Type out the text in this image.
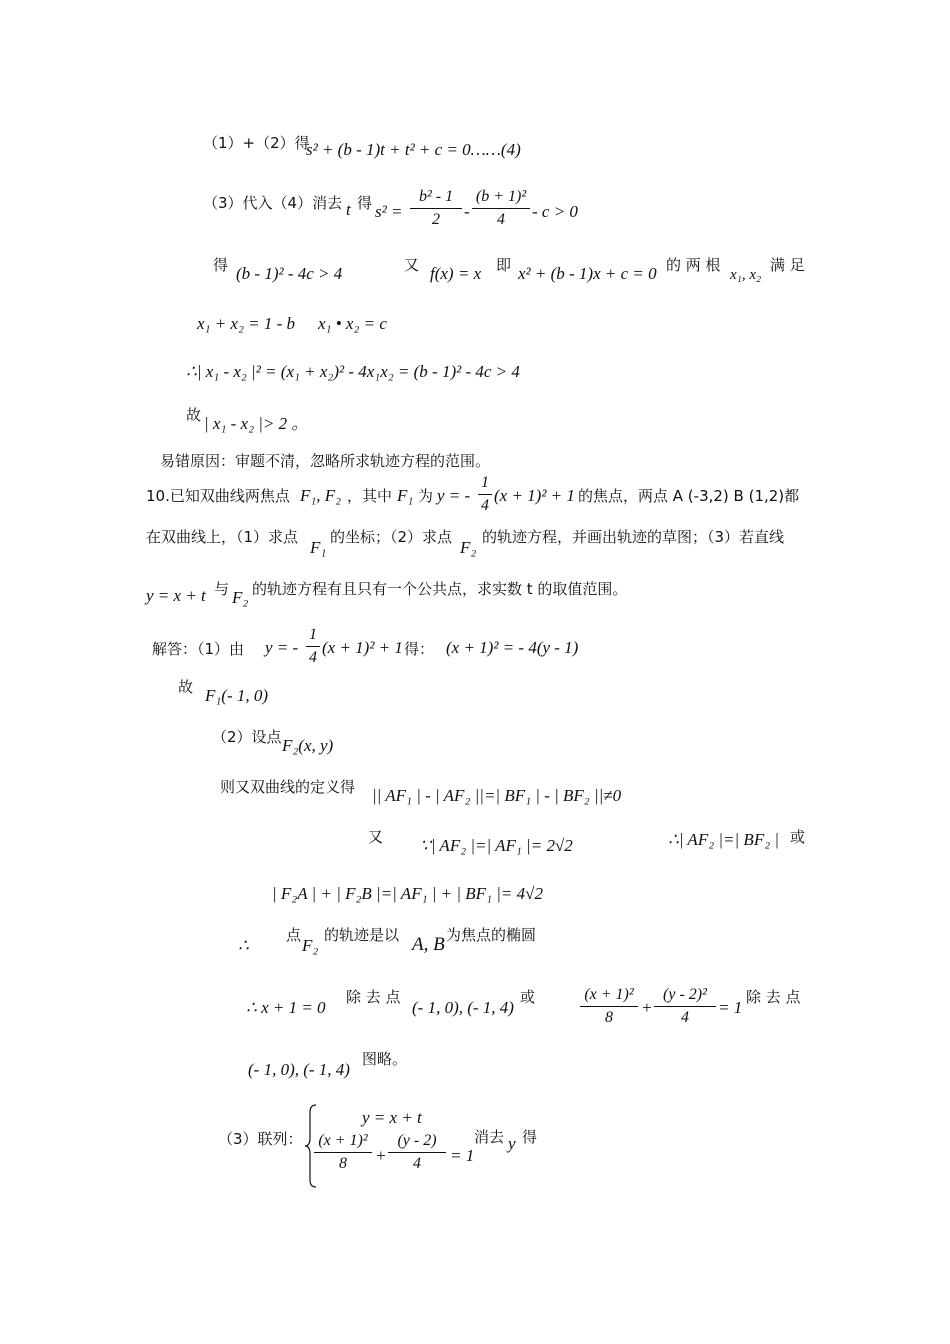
（1）+（2）得
s² + (b - 1)t + t² + c = 0……(4)
（3）代入（4）消去 t 得 s² =
b² - 1
2	-
(b + 1)²
4	- c > 0
得 (b - 1)² - 4c > 4	又 f(x) = x 即 x² + (b - 1)x + c = 0 的 两 根
x₁, x₂
满 足
x₁ + x₂ = 1 - b x₁ • x₂ = c
∴| x₁ - x₂ |² = (x₁ + x₂)² - 4x₁x₂ = (b - 1)² - 4c > 4
故 | x₁ - x₂ |> 2 。
易错原因：审题不清，忽略所求轨迹方程的范围。
10.已知双曲线两焦点 F₁, F₂ ，其中 F₁ 为 y = -
1
4
(x + 1)² + 1 的焦点，两点 A (-3,2) B (1,2)都
在双曲线上，（1）求点
F₁
的坐标；（2）求点
F₂
的轨迹方程，并画出轨迹的草图；（3）若直线
y = x + t 与 F₂ 的轨迹方程有且只有一个公共点，求实数 t 的取值范围。
解答：（1）由 y = -
1
4
(x + 1)² + 1 得： (x + 1)² = - 4(y - 1)
故 F₁(- 1, 0)
（2）设点 F₂(x, y)
则又双曲线的定义得 || AF₁ | - | AF₂ ||=| BF₁ | - | BF₂ ||≠0
又 ∵| AF₂ |=| AF₁ |= 2√2	∴| AF₂ |=| BF₂ | 或
| F₂A | + | F₂B |=| AF₁ | + | BF₁ |= 4√2
∴
点
F₂
的轨迹是以 A, B 为焦点的椭圆
∴ x + 1 = 0
除 去 点
(- 1, 0), (- 1, 4)
或	(x + 1)²
8
+
(y - 2)²
4
= 1
除 去 点
(- 1, 0), (- 1, 4)
图略。
（3）联列：
y = x + t
(x + 1)²
8	+
(y - 2)
4	= 1
消去 y 得
